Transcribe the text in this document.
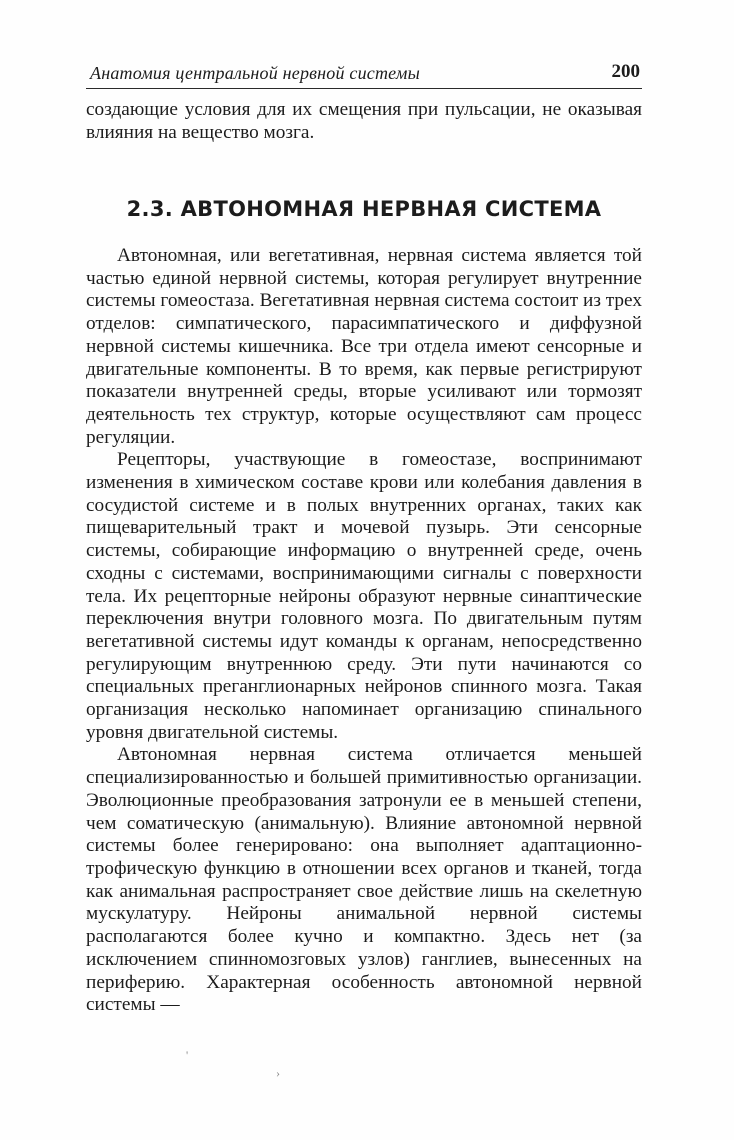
Анатомия центральной нервной системы	200

создающие условия для их смещения при пульсации, не оказывая влияния на вещество мозга.

2.3. АВТОНОМНАЯ НЕРВНАЯ СИСТЕМА

Автономная, или вегетативная, нервная система является той частью единой нервной системы, которая регулирует внутренние системы гомеостаза. Вегетативная нервная система состоит из трех отделов: симпатического, парасимпатического и диффузной нервной системы кишечника. Все три отдела имеют сенсорные и двигательные компоненты. В то время, как первые регистрируют показатели внутренней среды, вторые усиливают или тормозят деятельность тех структур, которые осуществляют сам процесс регуляции.

Рецепторы, участвующие в гомеостазе, воспринимают изменения в химическом составе крови или колебания давления в сосудистой системе и в полых внутренних органах, таких как пищеварительный тракт и мочевой пузырь. Эти сенсорные системы, собирающие информацию о внутренней среде, очень сходны с системами, воспринимающими сигналы с поверхности тела. Их рецепторные нейроны образуют нервные синаптические переключения внутри головного мозга. По двигательным путям вегетативной системы идут команды к органам, непосредственно регулирующим внутреннюю среду. Эти пути начинаются со специальных преганглионарных нейронов спинного мозга. Такая организация несколько напоминает организацию спинального уровня двигательной системы.

Автономная нервная система отличается меньшей специализированностью и большей примитивностью организации. Эволюционные преобразования затронули ее в меньшей степени, чем соматическую (анимальную). Влияние автономной нервной системы более генерировано: она выполняет адаптационно-трофическую функцию в отношении всех органов и тканей, тогда как анимальная распространяет свое действие лишь на скелетную мускулатуру. Нейроны анимальной нервной системы располагаются более кучно и компактно. Здесь нет (за исключением спинномозговых узлов) ганглиев, вынесенных на периферию. Характерная особенность автономной нервной системы —

'
›
